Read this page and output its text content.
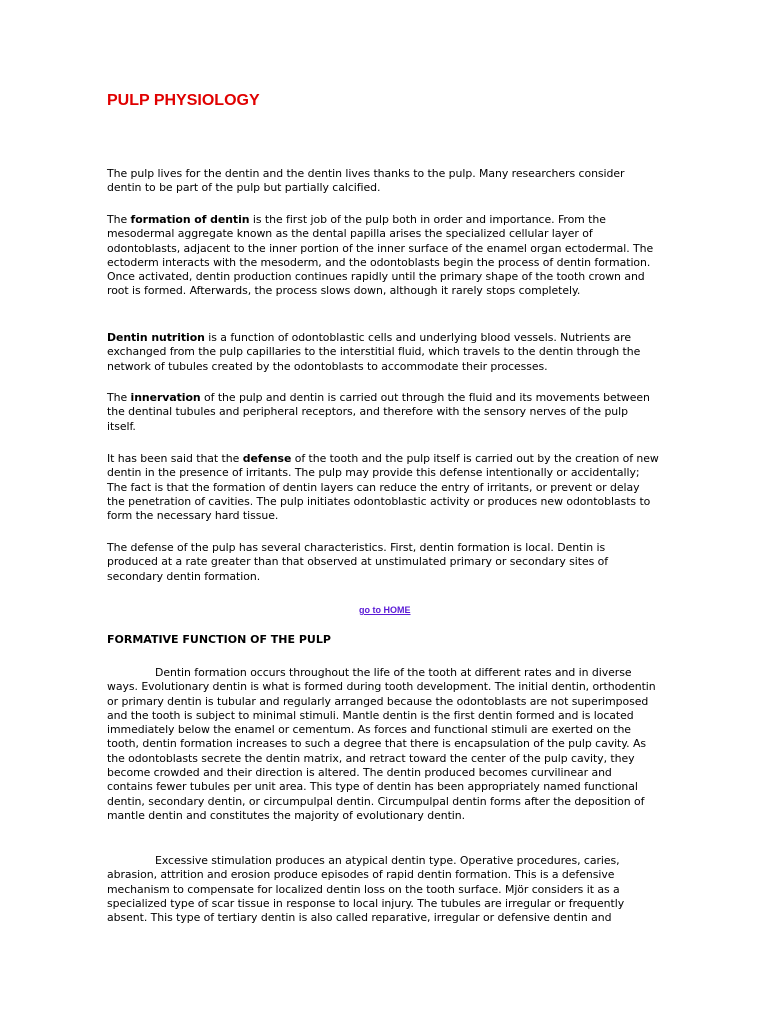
PULP PHYSIOLOGY

The pulp lives for the dentin and the dentin lives thanks to the pulp. Many researchers consider dentin to be part of the pulp but partially calcified.

The formation of dentin is the first job of the pulp both in order and importance. From the mesodermal aggregate known as the dental papilla arises the specialized cellular layer of odontoblasts, adjacent to the inner portion of the inner surface of the enamel organ ectodermal. The ectoderm interacts with the mesoderm, and the odontoblasts begin the process of dentin formation. Once activated, dentin production continues rapidly until the primary shape of the tooth crown and root is formed. Afterwards, the process slows down, although it rarely stops completely.

Dentin nutrition is a function of odontoblastic cells and underlying blood vessels. Nutrients are exchanged from the pulp capillaries to the interstitial fluid, which travels to the dentin through the network of tubules created by the odontoblasts to accommodate their processes.

The innervation of the pulp and dentin is carried out through the fluid and its movements between the dentinal tubules and peripheral receptors, and therefore with the sensory nerves of the pulp itself.

It has been said that the defense of the tooth and the pulp itself is carried out by the creation of new dentin in the presence of irritants. The pulp may provide this defense intentionally or accidentally; The fact is that the formation of dentin layers can reduce the entry of irritants, or prevent or delay the penetration of cavities. The pulp initiates odontoblastic activity or produces new odontoblasts to form the necessary hard tissue.

The defense of the pulp has several characteristics. First, dentin formation is local. Dentin is produced at a rate greater than that observed at unstimulated primary or secondary sites of secondary dentin formation.

go to HOME
FORMATIVE FUNCTION OF THE PULP

Dentin formation occurs throughout the life of the tooth at different rates and in diverse ways. Evolutionary dentin is what is formed during tooth development. The initial dentin, orthodentin or primary dentin is tubular and regularly arranged because the odontoblasts are not superimposed and the tooth is subject to minimal stimuli. Mantle dentin is the first dentin formed and is located immediately below the enamel or cementum. As forces and functional stimuli are exerted on the tooth, dentin formation increases to such a degree that there is encapsulation of the pulp cavity. As the odontoblasts secrete the dentin matrix, and retract toward the center of the pulp cavity, they become crowded and their direction is altered. The dentin produced becomes curvilinear and contains fewer tubules per unit area. This type of dentin has been appropriately named functional dentin, secondary dentin, or circumpulpal dentin. Circumpulpal dentin forms after the deposition of mantle dentin and constitutes the majority of evolutionary dentin.

Excessive stimulation produces an atypical dentin type. Operative procedures, caries, abrasion, attrition and erosion produce episodes of rapid dentin formation. This is a defensive mechanism to compensate for localized dentin loss on the tooth surface. Mjör considers it as a specialized type of scar tissue in response to local injury. The tubules are irregular or frequently absent. This type of tertiary dentin is also called reparative, irregular or defensive dentin and
